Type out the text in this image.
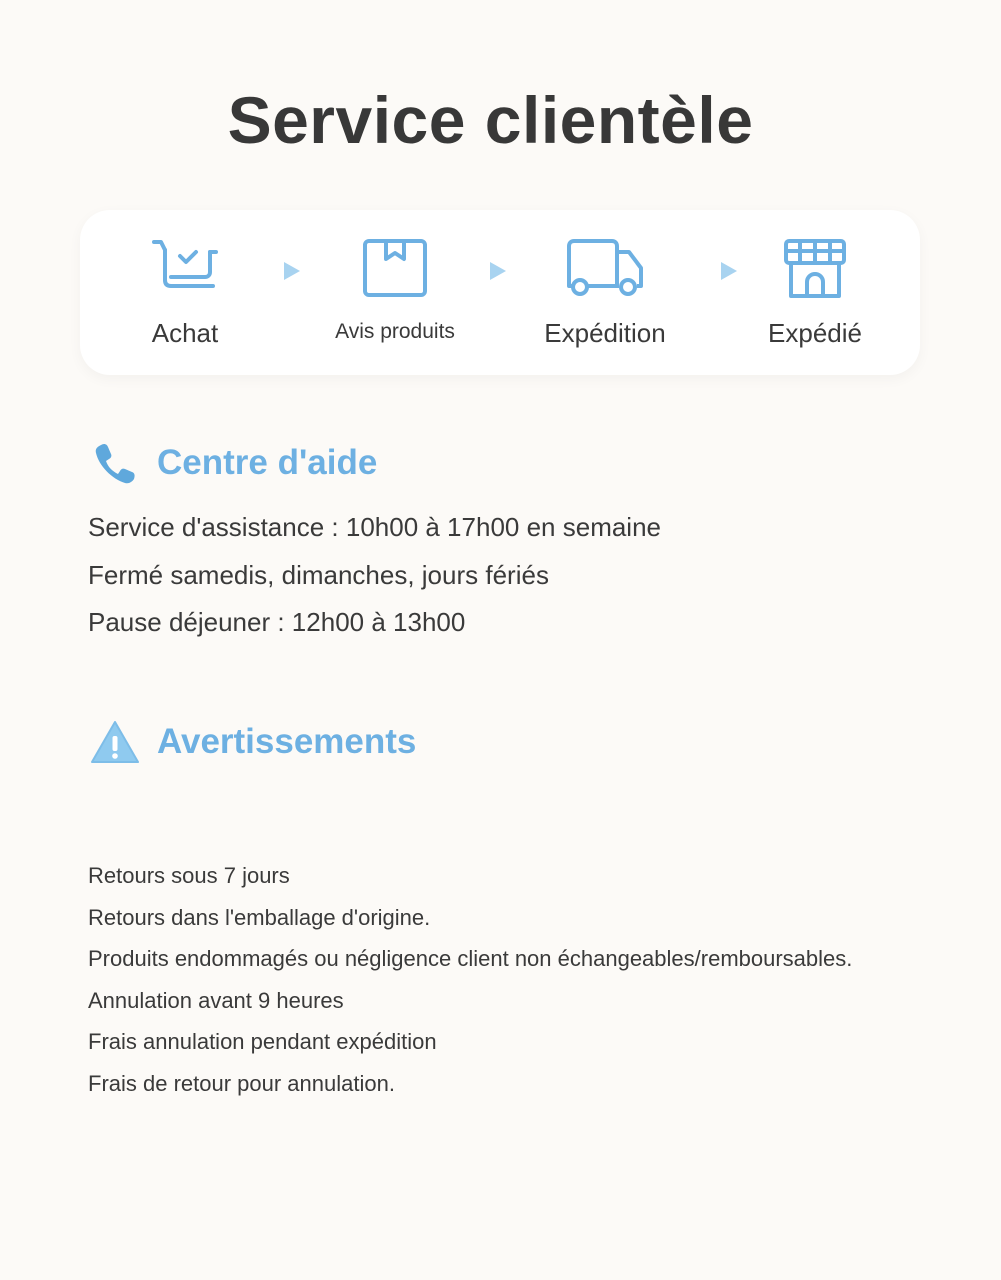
Service clientèle
Achat	Avis produits	Expédition	Expédié
Centre d'aide
Service d'assistance : 10h00 à 17h00 en semaine
Fermé samedis, dimanches, jours fériés
Pause déjeuner : 12h00 à 13h00
Avertissements
Retours sous 7 jours
Retours dans l'emballage d'origine.
Produits endommagés ou négligence client non échangeables/remboursables.
Annulation avant 9 heures
Frais annulation pendant expédition
Frais de retour pour annulation.
